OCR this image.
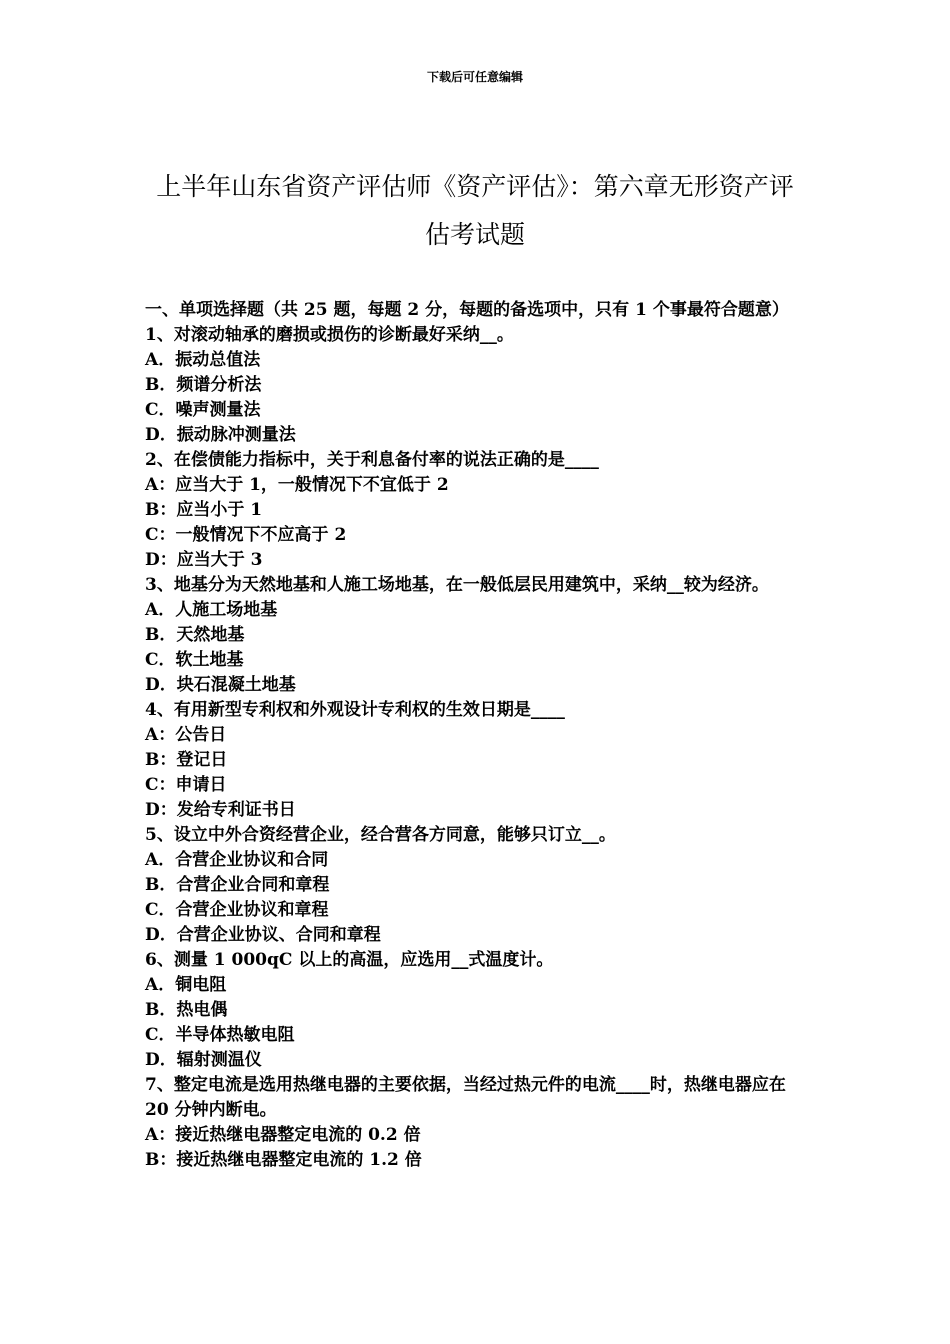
下载后可任意编辑
上半年山东省资产评估师《资产评估》：第六章无形资产评估考试题

一、单项选择题（共 25 题，每题 2 分，每题的备选项中，只有 1 个事最符合题意）

1、对滚动轴承的磨损或损伤的诊断最好采纳__。

A．振动总值法

B．频谱分析法

C．噪声测量法

D．振动脉冲测量法

2、在偿债能力指标中，关于利息备付率的说法正确的是____

A：应当大于 1，一般情况下不宜低于 2

B：应当小于 1

C：一般情况下不应高于 2

D：应当大于 3

3、地基分为天然地基和人施工场地基，在一般低层民用建筑中，采纳__较为经济。

A．人施工场地基

B．天然地基

C．软土地基

D．块石混凝土地基

4、有用新型专利权和外观设计专利权的生效日期是____

A：公告日

B：登记日

C：申请日

D：发给专利证书日

5、设立中外合资经营企业，经合营各方同意，能够只订立__。

A．合营企业协议和合同

B．合营企业合同和章程

C．合营企业协议和章程

D．合营企业协议、合同和章程

6、测量 1 000qC 以上的高温，应选用__式温度计。

A．铜电阻

B．热电偶

C．半导体热敏电阻

D．辐射测温仪

7、整定电流是选用热继电器的主要依据，当经过热元件的电流____时，热继电器应在 20 分钟内断电。

A：接近热继电器整定电流的 0.2 倍

B：接近热继电器整定电流的 1.2 倍
